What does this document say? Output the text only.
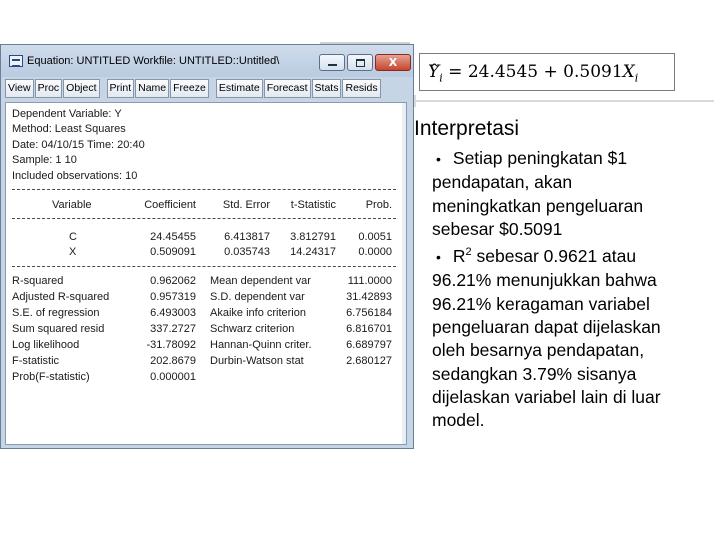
Equation: UNTITLED Workfile: UNTITLED::Untitled\	X
View Proc Object Print Name Freeze Estimate Forecast Stats Resids
Dependent Variable: Y
Method: Least Squares
Date: 04/10/15 Time: 20:40
Sample: 1 10
Included observations: 10
Variable	Coefficient Std. Error t-Statistic	Prob.
C	24.45455	6.413817 3.812791 0.0051
X	0.509091	0.035743 14.24317 0.0000
R-squared	0.962062 Mean dependent var	111.0000
Adjusted R-squared	0.957319 S.D. dependent var	31.42893
S.E. of regression	6.493003 Akaike info criterion	6.756184
Sum squared resid	337.2727 Schwarz criterion	6.816701
Log likelihood	-31.78092 Hannan-Quinn criter.	6.689797
F-statistic	202.8679 Durbin-Watson stat	2.680127
Prob(F-statistic)	0.000001
^ $Y_i = 24.4545 + 0.5091X_i$
Interpretasi
• Setiap peningkatan $1
pendapatan, akan
meningkatkan pengeluaran
sebesar $0.5091
• $R^2$ sebesar 0.9621 atau
96.21% menunjukkan bahwa
96.21% keragaman variabel
pengeluaran dapat dijelaskan
oleh besarnya pendapatan,
sedangkan 3.79% sisanya
dijelaskan variabel lain di luar
model.
